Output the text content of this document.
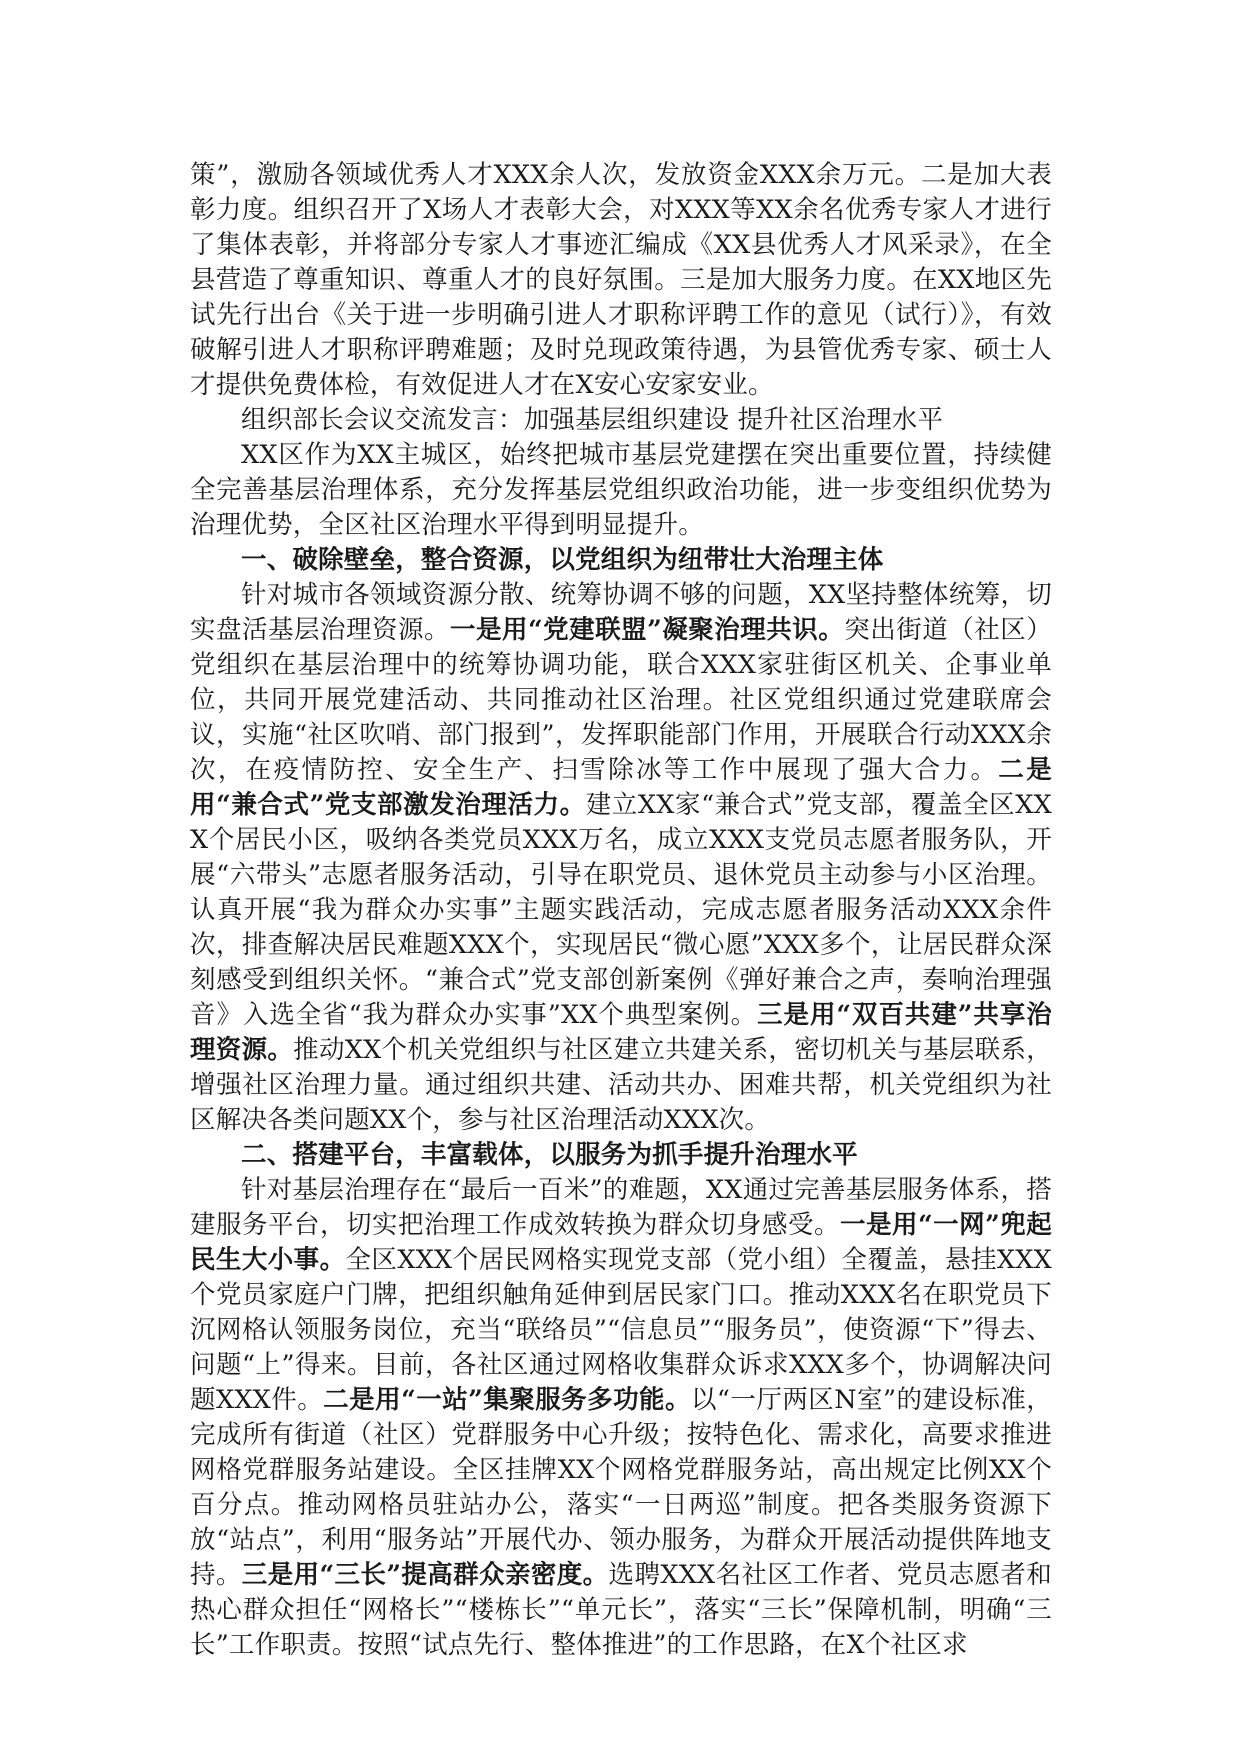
策”，激励各领域优秀人才XXX余人次，发放资金XXX余万元。二是加大表彰力度。组织召开了X场人才表彰大会，对XXX等XX余名优秀专家人才进行了集体表彰，并将部分专家人才事迹汇编成《XX县优秀人才风采录》，在全县营造了尊重知识、尊重人才的良好氛围。三是加大服务力度。在XX地区先试先行出台《关于进一步明确引进人才职称评聘工作的意见（试行）》，有效破解引进人才职称评聘难题；及时兑现政策待遇，为县管优秀专家、硕士人才提供免费体检，有效促进人才在X安心安家安业。

组织部长会议交流发言：加强基层组织建设 提升社区治理水平

XX区作为XX主城区，始终把城市基层党建摆在突出重要位置，持续健全完善基层治理体系，充分发挥基层党组织政治功能，进一步变组织优势为治理优势，全区社区治理水平得到明显提升。

一、破除壁垒，整合资源，以党组织为纽带壮大治理主体

针对城市各领域资源分散、统筹协调不够的问题，XX坚持整体统筹，切实盘活基层治理资源。一是用“党建联盟”凝聚治理共识。突出街道（社区）党组织在基层治理中的统筹协调功能，联合XXX家驻街区机关、企事业单位，共同开展党建活动、共同推动社区治理。社区党组织通过党建联席会议，实施“社区吹哨、部门报到”，发挥职能部门作用，开展联合行动XXX余次，在疫情防控、安全生产、扫雪除冰等工作中展现了强大合力。二是用“兼合式”党支部激发治理活力。建立XX家“兼合式”党支部，覆盖全区XXX个居民小区，吸纳各类党员XXX万名，成立XXX支党员志愿者服务队，开展“六带头”志愿者服务活动，引导在职党员、退休党员主动参与小区治理。认真开展“我为群众办实事”主题实践活动，完成志愿者服务活动XXX余件次，排查解决居民难题XXX个，实现居民“微心愿”XXX多个，让居民群众深刻感受到组织关怀。“兼合式”党支部创新案例《弹好兼合之声，奏响治理强音》入选全省“我为群众办实事”XX个典型案例。三是用“双百共建”共享治理资源。推动XX个机关党组织与社区建立共建关系，密切机关与基层联系，增强社区治理力量。通过组织共建、活动共办、困难共帮，机关党组织为社区解决各类问题XX个，参与社区治理活动XXX次。

二、搭建平台，丰富载体，以服务为抓手提升治理水平

针对基层治理存在“最后一百米”的难题，XX通过完善基层服务体系，搭建服务平台，切实把治理工作成效转换为群众切身感受。一是用“一网”兜起民生大小事。全区XXX个居民网格实现党支部（党小组）全覆盖，悬挂XXX个党员家庭户门牌，把组织触角延伸到居民家门口。推动XXX名在职党员下沉网格认领服务岗位，充当“联络员”“信息员”“服务员”，使资源“下”得去、问题“上”得来。目前，各社区通过网格收集群众诉求XXX多个，协调解决问题XXX件。二是用“一站”集聚服务多功能。以“一厅两区N室”的建设标准，完成所有街道（社区）党群服务中心升级；按特色化、需求化，高要求推进网格党群服务站建设。全区挂牌XX个网格党群服务站，高出规定比例XX个百分点。推动网格员驻站办公，落实“一日两巡”制度。把各类服务资源下放“站点”，利用“服务站”开展代办、领办服务，为群众开展活动提供阵地支持。三是用“三长”提高群众亲密度。选聘XXX名社区工作者、党员志愿者和热心群众担任“网格长”“楼栋长”“单元长”，落实“三长”保障机制，明确“三长”工作职责。按照“试点先行、整体推进”的工作思路，在X个社区求
